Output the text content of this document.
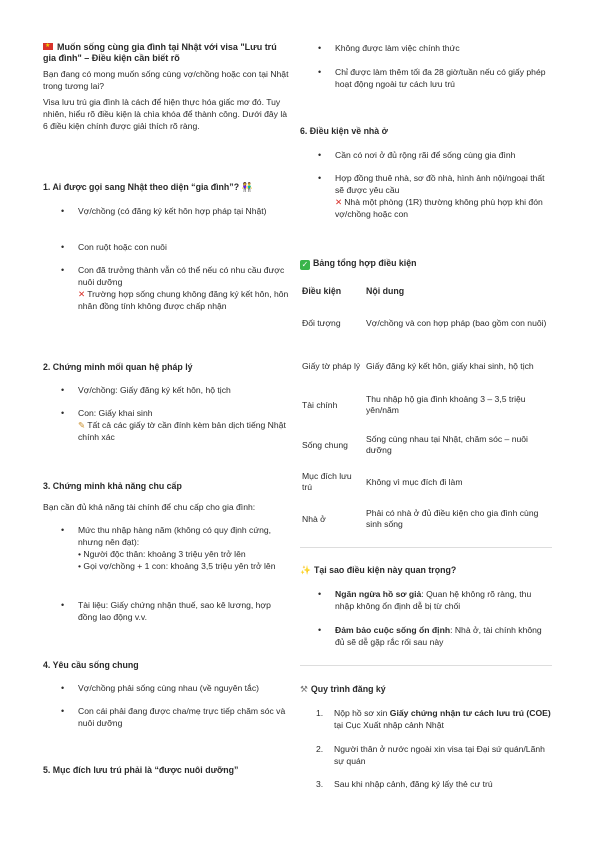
★Muốn sống cùng gia đình tại Nhật với visa "Lưu trú gia đình" – Điều kiện cần biết rõ
Bạn đang có mong muốn sống cùng vợ/chồng hoặc con tại Nhật trong tương lai?
Visa lưu trú gia đình là cách để hiện thực hóa giấc mơ đó. Tuy nhiên, hiểu rõ điều kiện là chìa khóa để thành công. Dưới đây là 6 điều kiện chính được giải thích rõ ràng.
1. Ai được gọi sang Nhật theo diện “gia đình”? 👫
• Vợ/chồng (có đăng ký kết hôn hợp pháp tại Nhật)
• Con ruột hoặc con nuôi
• Con đã trưởng thành vẫn có thể nếu có nhu cầu được nuôi dưỡng
✕ Trường hợp sống chung không đăng ký kết hôn, hôn nhân đồng tính không được chấp nhận
2. Chứng minh mối quan hệ pháp lý
• Vợ/chồng: Giấy đăng ký kết hôn, hộ tịch
• Con: Giấy khai sinh
✎ Tất cả các giấy tờ cần đính kèm bản dịch tiếng Nhật chính xác
3. Chứng minh khả năng chu cấp
Bạn cần đủ khả năng tài chính để chu cấp cho gia đình:
• Mức thu nhập hàng năm (không có quy định cứng, nhưng nên đạt):
• Người độc thân: khoảng 3 triệu yên trở lên
• Gọi vợ/chồng + 1 con: khoảng 3,5 triệu yên trở lên
• Tài liệu: Giấy chứng nhận thuế, sao kê lương, hợp đồng lao động v.v.
4. Yêu cầu sống chung
• Vợ/chồng phải sống cùng nhau (về nguyên tắc)
• Con cái phải đang được cha/mẹ trực tiếp chăm sóc và nuôi dưỡng
5. Mục đích lưu trú phải là “được nuôi dưỡng”
• Không được làm việc chính thức
• Chỉ được làm thêm tối đa 28 giờ/tuần nếu có giấy phép hoạt động ngoài tư cách lưu trú
6. Điều kiện về nhà ở
• Cần có nơi ở đủ rộng rãi để sống cùng gia đình
• Hợp đồng thuê nhà, sơ đồ nhà, hình ảnh nội/ngoại thất sẽ được yêu cầu
✕ Nhà một phòng (1R) thường không phù hợp khi đón vợ/chồng hoặc con
✓ Bảng tổng hợp điều kiện
Điều kiện	Nội dung
Đối tượng	Vợ/chồng và con hợp pháp (bao gồm con nuôi)
Giấy tờ pháp lý	Giấy đăng ký kết hôn, giấy khai sinh, hộ tịch
Tài chính	Thu nhập hộ gia đình khoảng 3 – 3,5 triệu yên/năm
Sống chung	Sống cùng nhau tại Nhật, chăm sóc – nuôi dưỡng
Mục đích lưu trú	Không vì mục đích đi làm
Nhà ở	Phải có nhà ở đủ điều kiện cho gia đình cùng sinh sống
✨ Tại sao điều kiện này quan trọng?
• Ngăn ngừa hồ sơ giả: Quan hệ không rõ ràng, thu nhập không ổn định dễ bị từ chối
• Đảm bảo cuộc sống ổn định: Nhà ở, tài chính không đủ sẽ dễ gặp rắc rối sau này
⚒ Quy trình đăng ký
1. Nộp hồ sơ xin Giấy chứng nhận tư cách lưu trú (COE) tại Cục Xuất nhập cảnh Nhật
2. Người thân ở nước ngoài xin visa tại Đại sứ quán/Lãnh sự quán
3. Sau khi nhập cảnh, đăng ký lấy thẻ cư trú
